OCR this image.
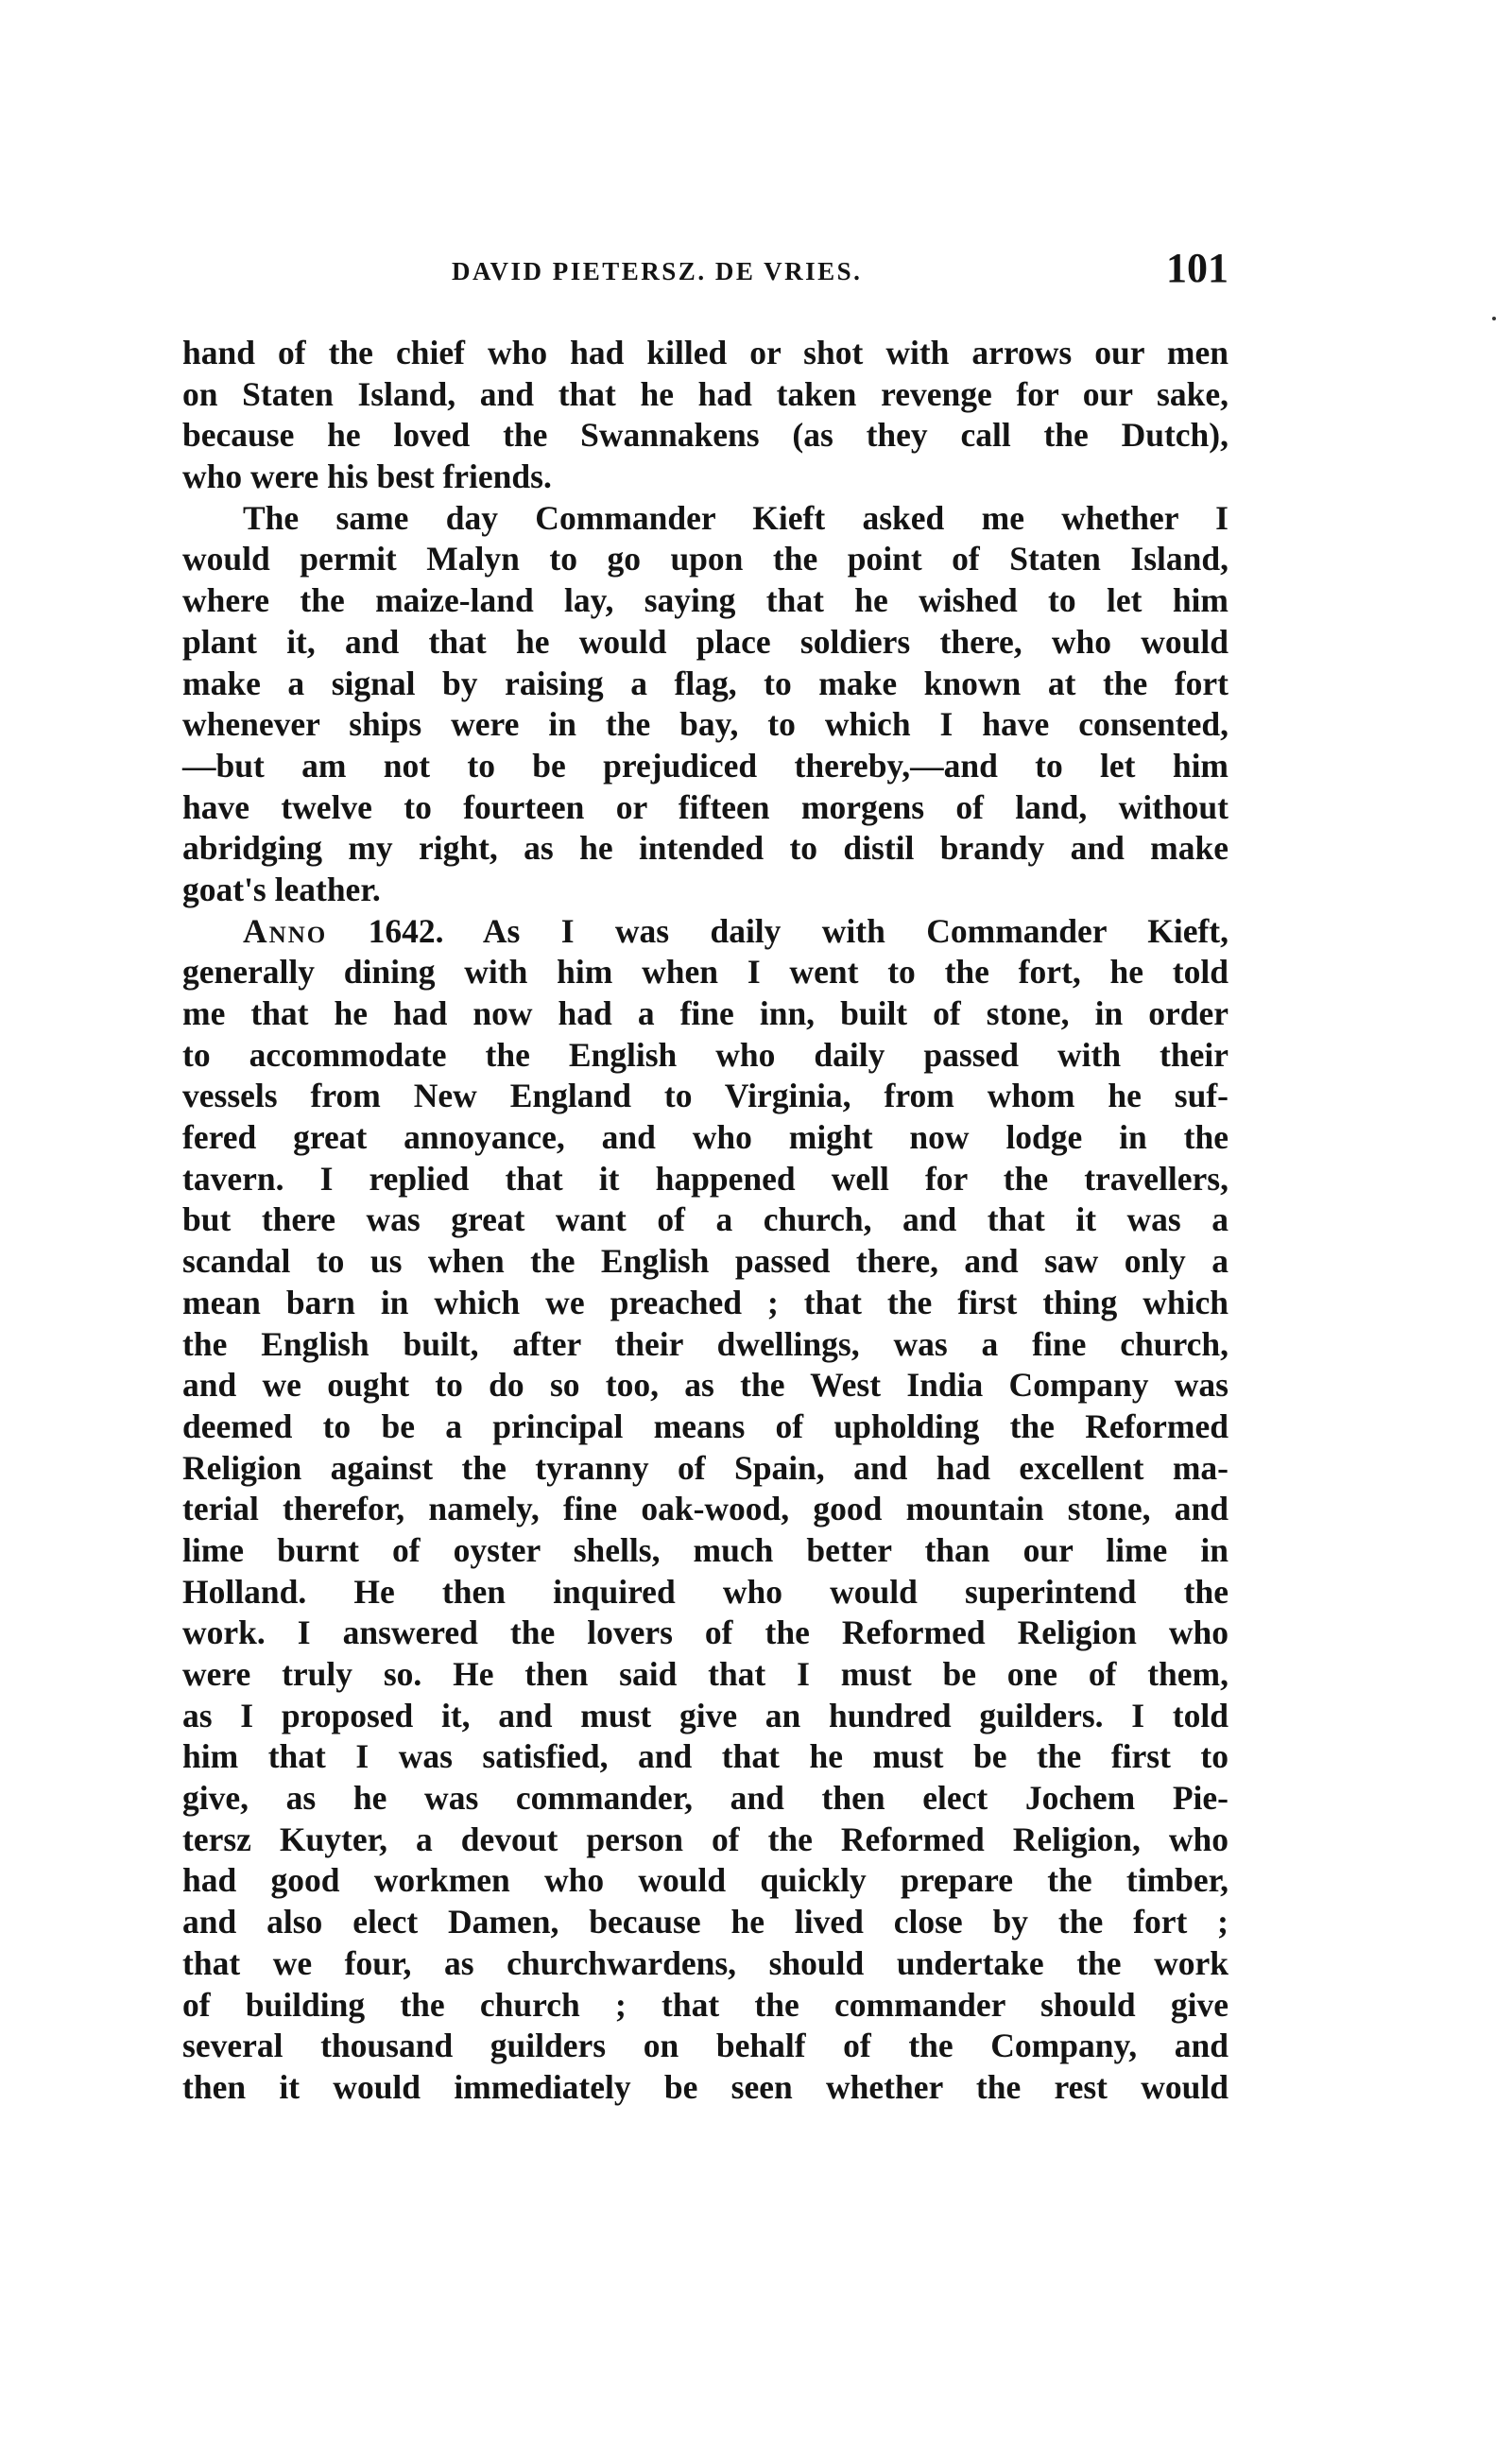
DAVID PIETERSZ. DE VRIES.	101
hand of the chief who had killed or shot with arrows our men
on Staten Island, and that he had taken revenge for our sake,
because he loved the Swannakens (as they call the Dutch),
who were his best friends.
The same day Commander Kieft asked me whether I
would permit Malyn to go upon the point of Staten Island,
where the maize-land lay, saying that he wished to let him
plant it, and that he would place soldiers there, who would
make a signal by raising a flag, to make known at the fort
whenever ships were in the bay, to which I have consented,
—but am not to be prejudiced thereby,—and to let him
have twelve to fourteen or fifteen morgens of land, without
abridging my right, as he intended to distil brandy and make
goat's leather.
Anno 1642. As I was daily with Commander Kieft,
generally dining with him when I went to the fort, he told
me that he had now had a fine inn, built of stone, in order
to accommodate the English who daily passed with their
vessels from New England to Virginia, from whom he suf-
fered great annoyance, and who might now lodge in the
tavern. I replied that it happened well for the travellers,
but there was great want of a church, and that it was a
scandal to us when the English passed there, and saw only a
mean barn in which we preached ; that the first thing which
the English built, after their dwellings, was a fine church,
and we ought to do so too, as the West India Company was
deemed to be a principal means of upholding the Reformed
Religion against the tyranny of Spain, and had excellent ma-
terial therefor, namely, fine oak-wood, good mountain stone, and
lime burnt of oyster shells, much better than our lime in
Holland. He then inquired who would superintend the
work. I answered the lovers of the Reformed Religion who
were truly so. He then said that I must be one of them,
as I proposed it, and must give an hundred guilders. I told
him that I was satisfied, and that he must be the first to
give, as he was commander, and then elect Jochem Pie-
tersz Kuyter, a devout person of the Reformed Religion, who
had good workmen who would quickly prepare the timber,
and also elect Damen, because he lived close by the fort ;
that we four, as churchwardens, should undertake the work
of building the church ; that the commander should give
several thousand guilders on behalf of the Company, and
then it would immediately be seen whether the rest would
